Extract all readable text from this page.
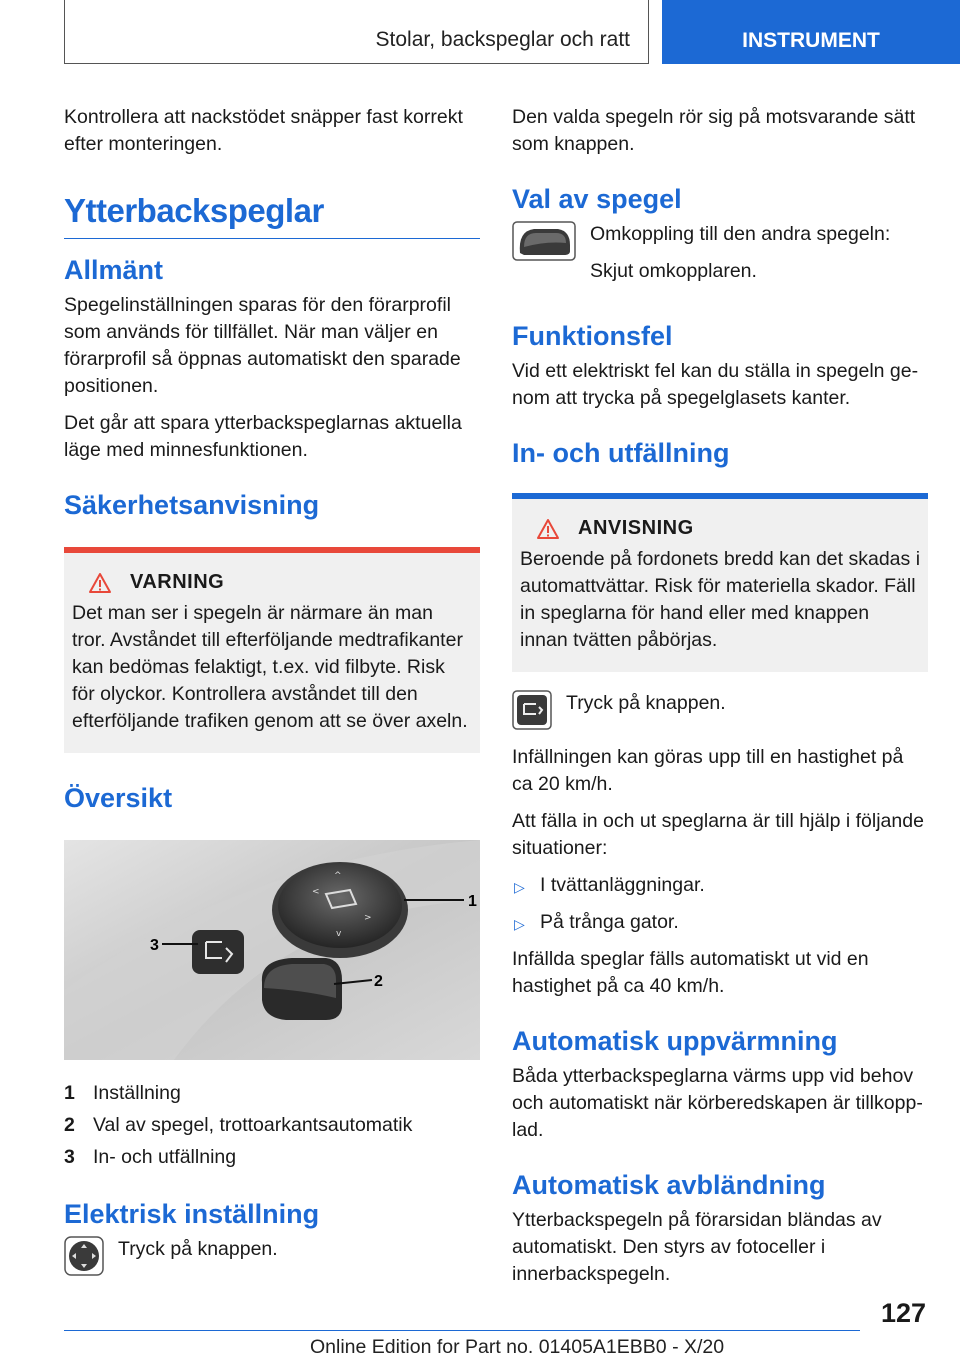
Stolar, backspeglar och ratt	INSTRUMENT

Kontrollera att nackstödet snäpper fast korrekt efter monteringen.

Ytterbackspeglar
Allmänt

Spegelinställningen sparas för den förarprofil som används för tillfället. När man väljer en förarprofil så öppnas automatiskt den sparade positionen.

Det går att spara ytterbackspeglarnas aktuella läge med minnesfunktionen.

Säkerhetsanvisning
VARNING

Det man ser i spegeln är närmare än man tror. Avståndet till efterföljande medtrafikanter kan bedömas felaktigt, t.ex. vid filbyte. Risk för olyckor. Kontrollera avståndet till den efterföljande trafiken genom att se över axeln.

Översikt
<
>
^
v
1
2
3
1 Inställning
2 Val av spegel, trottoarkantsautomatik
3 In- och utfällning
Elektrisk inställning

Tryck på knappen.

Den valda spegeln rör sig på motsvarande sätt som knappen.

Val av spegel

Omkoppling till den andra spegeln:

Skjut omkopplaren.

Funktionsfel

Vid ett elektriskt fel kan du ställa in spegeln genom att trycka på spegelglasets kanter.

In- och utfällning
ANVISNING

Beroende på fordonets bredd kan det skadas i automattvättar. Risk för materiella skador. Fäll in speglarna för hand eller med knappen innan tvätten påbörjas.

Tryck på knappen.

Infällningen kan göras upp till en hastighet på ca 20 km/h.

Att fälla in och ut speglarna är till hjälp i följande situationer:

▷ I tvättanläggningar.
▷ På trånga gator.

Infällda speglar fälls automatiskt ut vid en hastighet på ca 40 km/h.

Automatisk uppvärmning

Båda ytterbackspeglarna värms upp vid behov och automatiskt när körberedskapen är tillkopplad.

Automatisk avbländning

Ytterbackspegeln på förarsidan bländas av automatiskt. Den styrs av fotoceller i innerbackspegeln.

127
Online Edition for Part no. 01405A1EBB0 - X/20
